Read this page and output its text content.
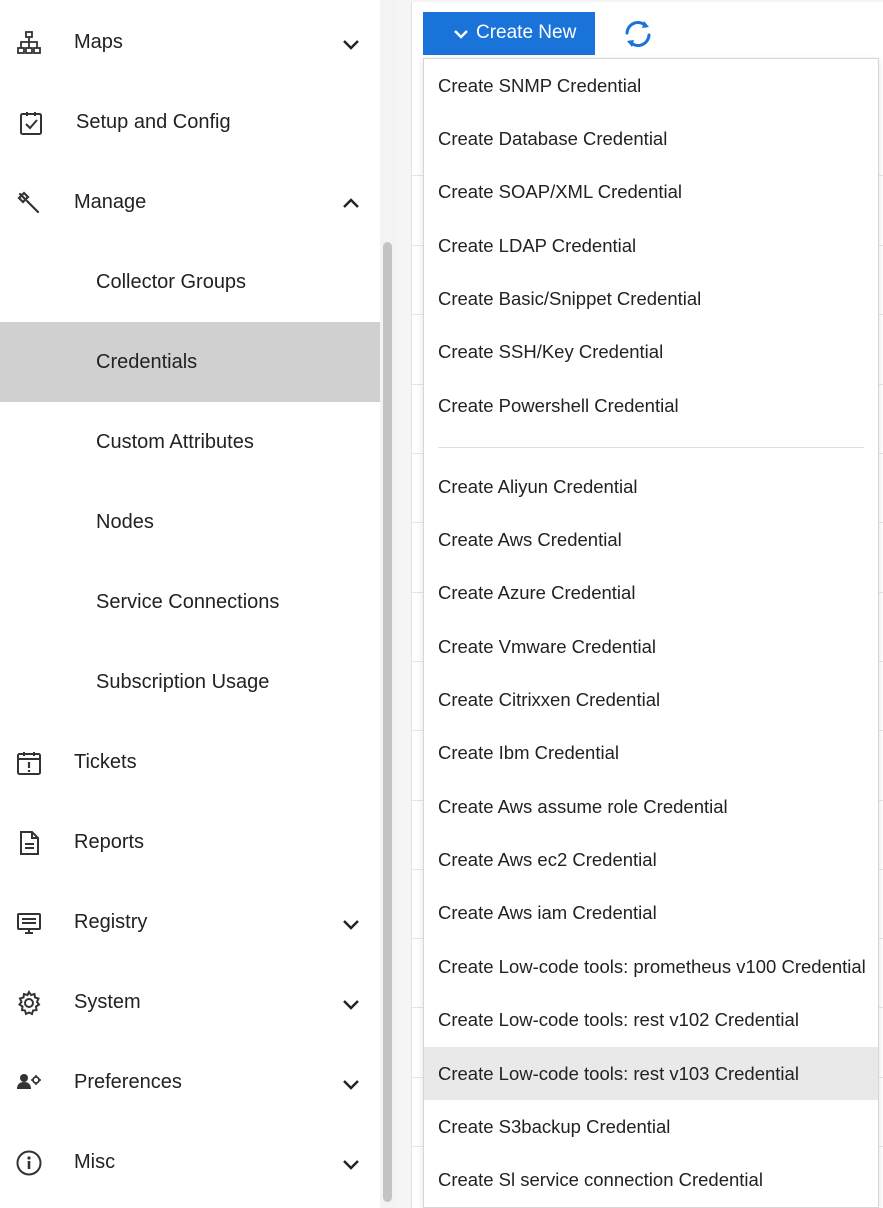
Maps
Setup and Config
Manage
Collector Groups
Credentials
Custom Attributes
Nodes
Service Connections
Subscription Usage
Tickets
Reports
Registry
System
Preferences
Misc
Create New
Create SNMP Credential
Create Database Credential
Create SOAP/XML Credential
Create LDAP Credential
Create Basic/Snippet Credential
Create SSH/Key Credential
Create Powershell Credential
Create Aliyun Credential
Create Aws Credential
Create Azure Credential
Create Vmware Credential
Create Citrixxen Credential
Create Ibm Credential
Create Aws assume role Credential
Create Aws ec2 Credential
Create Aws iam Credential
Create Low-code tools: prometheus v100 Credential
Create Low-code tools: rest v102 Credential
Create Low-code tools: rest v103 Credential
Create S3backup Credential
Create Sl service connection Credential
